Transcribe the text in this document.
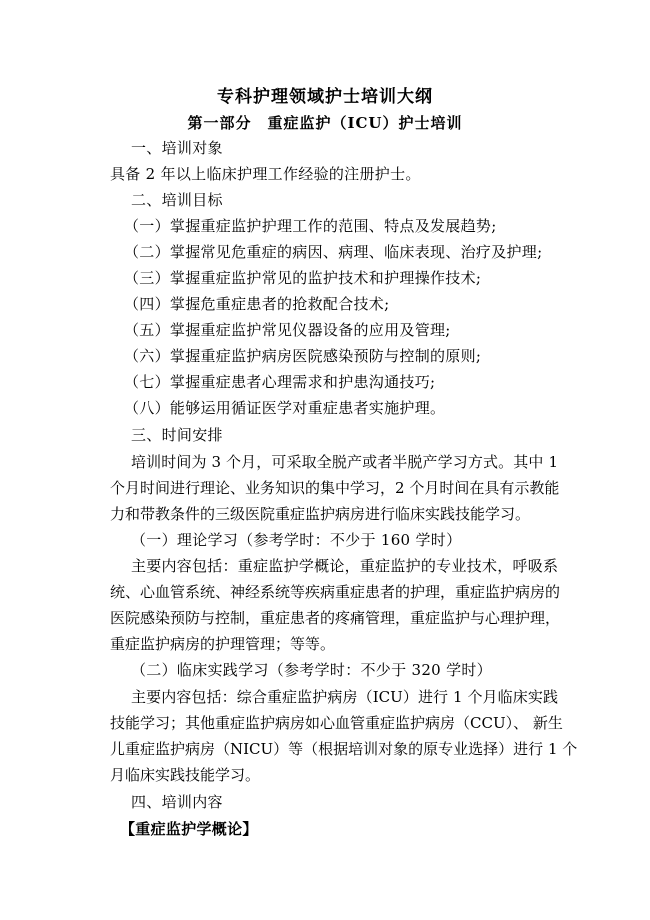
专科护理领域护士培训大纲
第一部分　重症监护（ICU）护士培训
一、培训对象
具备 2 年以上临床护理工作经验的注册护士。
二、培训目标
（一）掌握重症监护护理工作的范围、特点及发展趋势;
（二）掌握常见危重症的病因、病理、临床表现、治疗及护理;
（三）掌握重症监护常见的监护技术和护理操作技术;
（四）掌握危重症患者的抢救配合技术;
（五）掌握重症监护常见仪器设备的应用及管理;
（六）掌握重症监护病房医院感染预防与控制的原则;
（七）掌握重症患者心理需求和护患沟通技巧;
（八）能够运用循证医学对重症患者实施护理。
三、时间安排
培训时间为 3 个月，可采取全脱产或者半脱产学习方式。其中 1
个月时间进行理论、业务知识的集中学习，2 个月时间在具有示教能
力和带教条件的三级医院重症监护病房进行临床实践技能学习。
（一）理论学习（参考学时：不少于 160 学时）
主要内容包括：重症监护学概论，重症监护的专业技术，呼吸系
统、心血管系统、神经系统等疾病重症患者的护理，重症监护病房的
医院感染预防与控制，重症患者的疼痛管理，重症监护与心理护理，
重症监护病房的护理管理；等等。
（二）临床实践学习（参考学时：不少于 320 学时）
主要内容包括：综合重症监护病房（ICU）进行 1 个月临床实践
技能学习；其他重症监护病房如心血管重症监护病房（CCU）、 新生
儿重症监护病房（NICU）等（根据培训对象的原专业选择）进行 1 个
月临床实践技能学习。
四、培训内容
【重症监护学概论】
